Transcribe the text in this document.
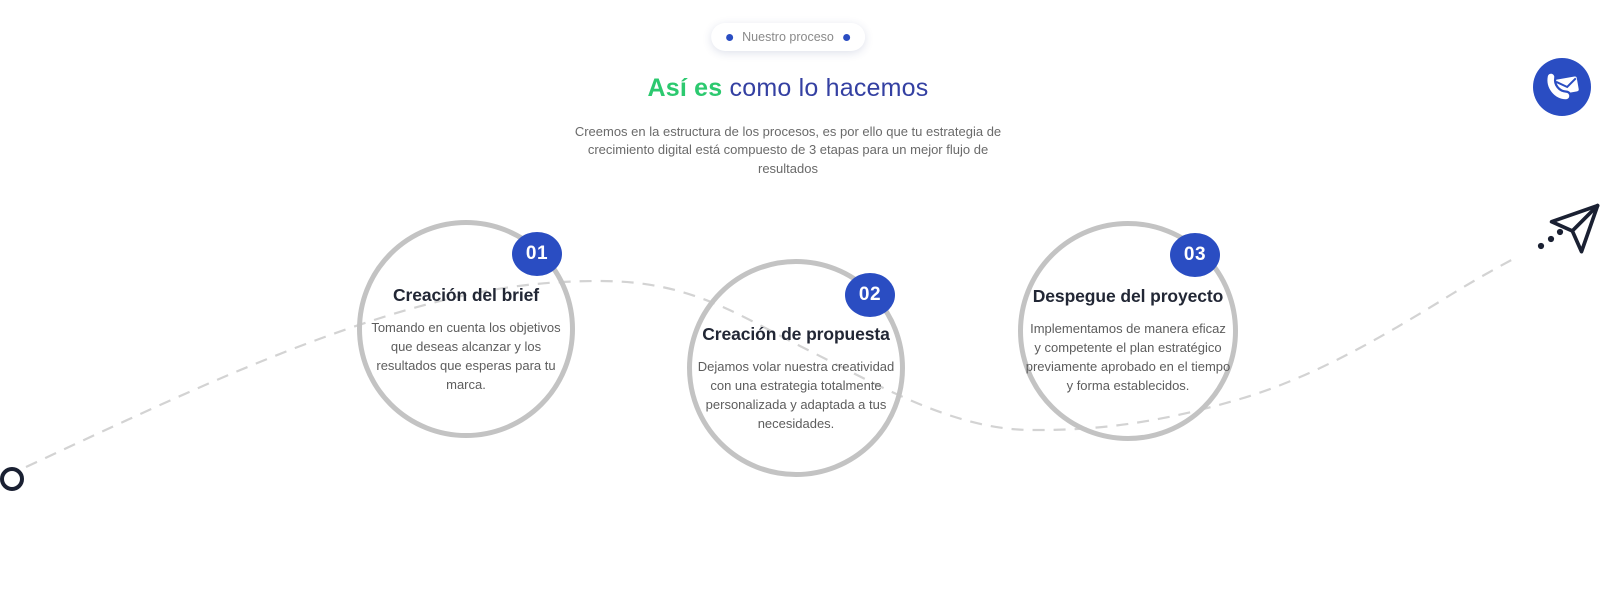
Nuestro proceso
Así es como lo hacemos

Creemos en la estructura de los procesos, es por ello que tu estrategia de crecimiento digital está compuesto de 3 etapas para un mejor flujo de resultados

Creación del brief
Tomando en cuenta los objetivos que deseas alcanzar y los resultados que esperas para tu marca.
01
Creación de propuesta
Dejamos volar nuestra creatividad con una estrategia totalmente personalizada y adaptada a tus necesidades.
02	Despegue del proyecto
Implementamos de manera eficaz y competente el plan estratégico previamente aprobado en el tiempo y forma establecidos.
03
